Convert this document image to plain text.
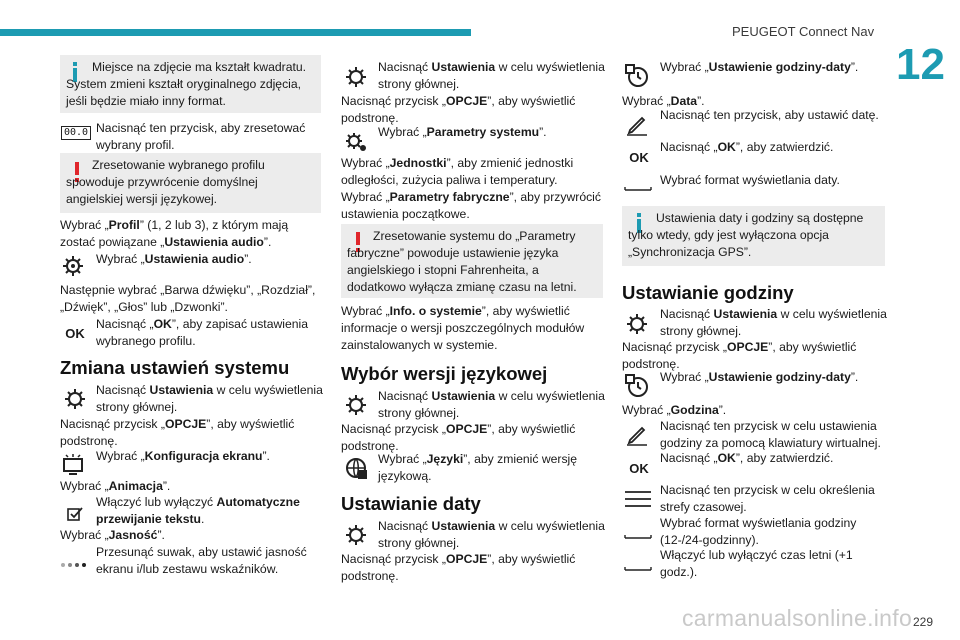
PEUGEOT Connect Nav
12
Miejsce na zdjęcie ma kształt kwadratu. System zmieni kształt oryginalnego zdjęcia, jeśli będzie miało inny format.
00.0 Nacisnąć ten przycisk, aby zresetować wybrany profil.
Zresetowanie wybranego profilu spowoduje przywrócenie domyślnej angielskiej wersji językowej.
Wybrać „Profil” (1, 2 lub 3), z którym mają zostać powiązane „Ustawienia audio”.
Wybrać „Ustawienia audio”.
Następnie wybrać „Barwa dźwięku”, „Rozdział”, „Dźwięk”, „Głos” lub „Dzwonki”.
OK
Nacisnąć „OK”, aby zapisać ustawienia wybranego profilu.
Zmiana ustawień systemu
Nacisnąć Ustawienia w celu wyświetlenia strony głównej.
Nacisnąć przycisk „OPCJE”, aby wyświetlić podstronę.
Wybrać „Konfiguracja ekranu”.
Wybrać „Animacja”.
Włączyć lub wyłączyć Automatyczne przewijanie tekstu.
Wybrać „Jasność”.
Przesunąć suwak, aby ustawić jasność ekranu i/lub zestawu wskaźników.
Nacisnąć Ustawienia w celu wyświetlenia strony głównej.
Nacisnąć przycisk „OPCJE”, aby wyświetlić podstronę.
Wybrać „Parametry systemu”.
Wybrać „Jednostki”, aby zmienić jednostki odległości, zużycia paliwa i temperatury.
Wybrać „Parametry fabryczne”, aby przywrócić ustawienia początkowe.
Zresetowanie systemu do „Parametry fabryczne” powoduje ustawienie języka angielskiego i stopni Fahrenheita, a dodatkowo wyłącza zmianę czasu na letni.
Wybrać „Info. o systemie”, aby wyświetlić informacje o wersji poszczególnych modułów zainstalowanych w systemie.
Wybór wersji językowej
Nacisnąć Ustawienia w celu wyświetlenia strony głównej.
Nacisnąć przycisk „OPCJE”, aby wyświetlić podstronę.
Wybrać „Języki”, aby zmienić wersję językową.
Ustawianie daty
Nacisnąć Ustawienia w celu wyświetlenia strony głównej.
Nacisnąć przycisk „OPCJE”, aby wyświetlić podstronę.
Wybrać „Ustawienie godziny-daty”.
Wybrać „Data”.
Nacisnąć ten przycisk, aby ustawić datę.
OK
Nacisnąć „OK”, aby zatwierdzić.
Wybrać format wyświetlania daty.
Ustawienia daty i godziny są dostępne tylko wtedy, gdy jest wyłączona opcja „Synchronizacja GPS”.
Ustawianie godziny
Nacisnąć Ustawienia w celu wyświetlenia strony głównej.
Nacisnąć przycisk „OPCJE”, aby wyświetlić podstronę.
Wybrać „Ustawienie godziny-daty”.
Wybrać „Godzina”.
Nacisnąć ten przycisk w celu ustawienia godziny za pomocą klawiatury wirtualnej.
OK
Nacisnąć „OK”, aby zatwierdzić.
Nacisnąć ten przycisk w celu określenia strefy czasowej.
Wybrać format wyświetlania godziny (12-/24-godzinny).
Włączyć lub wyłączyć czas letni (+1 godz.).
carmanualsonline.info 229
